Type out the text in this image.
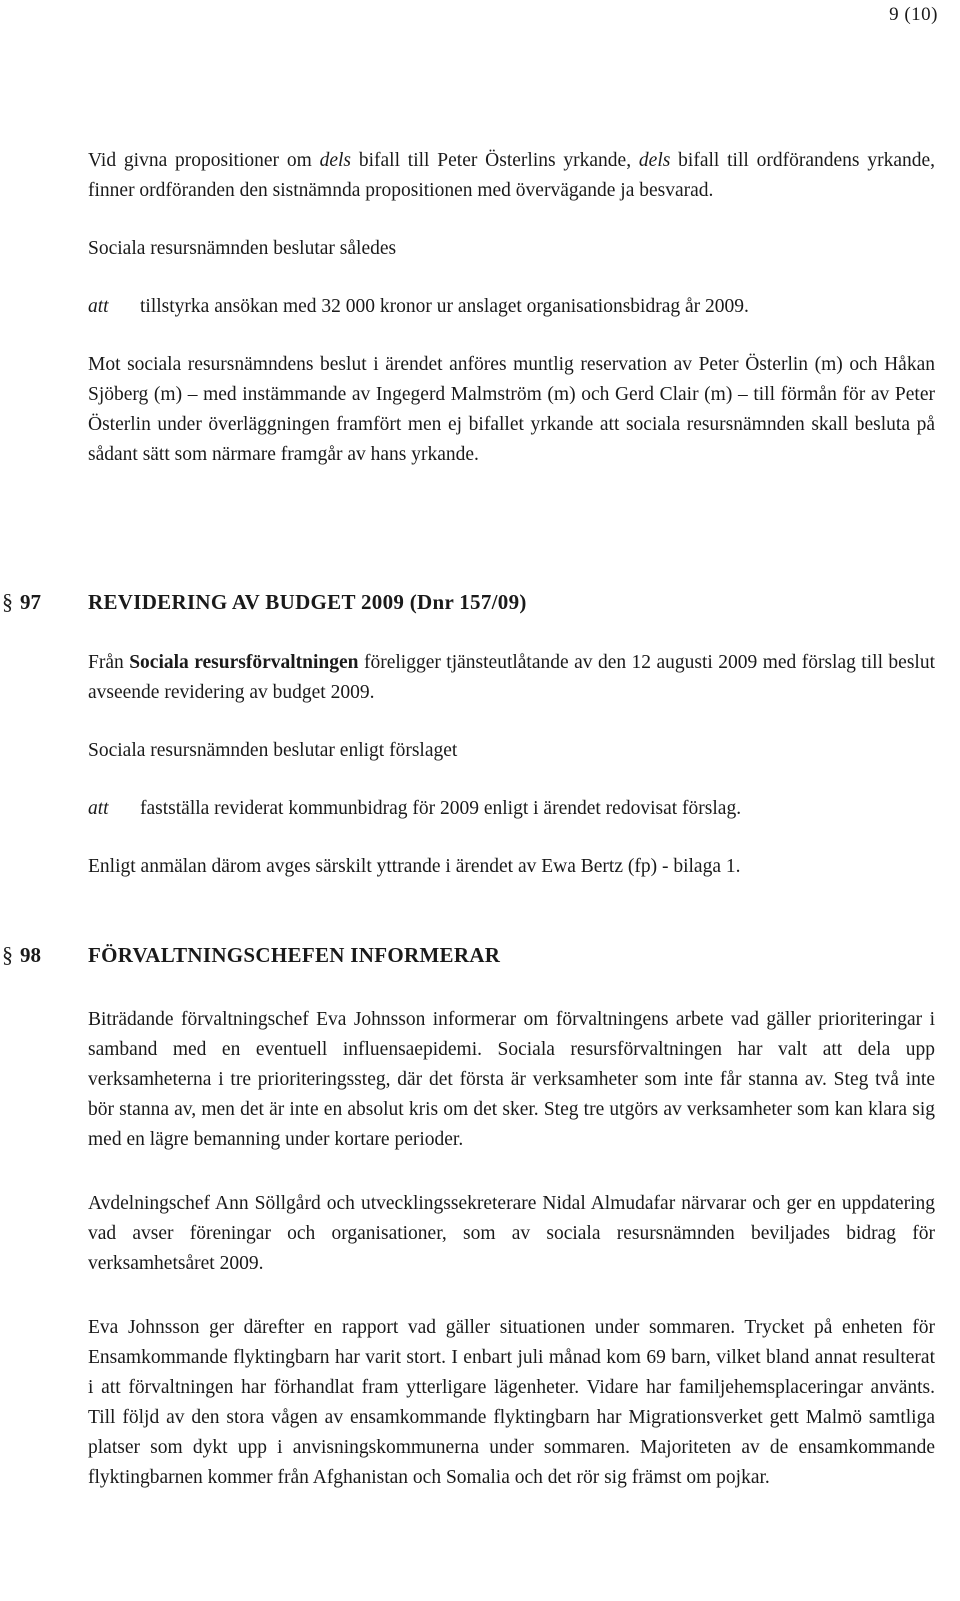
9 (10)

Vid givna propositioner om dels bifall till Peter Österlins yrkande, dels bifall till ordförandens yrkande, finner ordföranden den sistnämnda propositionen med övervägande ja besvarad.

Sociala resursnämnden beslutar således

att	tillstyrka ansökan med 32 000 kronor ur anslaget organisationsbidrag år 2009.

Mot sociala resursnämndens beslut i ärendet anföres muntlig reservation av Peter Österlin (m) och Håkan Sjöberg (m) – med instämmande av Ingegerd Malmström (m) och Gerd Clair (m) – till förmån för av Peter Österlin under överläggningen framfört men ej bifallet yrkande att sociala resursnämnden skall besluta på sådant sätt som närmare framgår av hans yrkande.

§ 97 REVIDERING AV BUDGET 2009 (Dnr 157/09)

Från Sociala resursförvaltningen föreligger tjänsteutlåtande av den 12 augusti 2009 med förslag till beslut avseende revidering av budget 2009.

Sociala resursnämnden beslutar enligt förslaget

att	fastställa reviderat kommunbidrag för 2009 enligt i ärendet redovisat förslag.

Enligt anmälan därom avges särskilt yttrande i ärendet av Ewa Bertz (fp) - bilaga 1.

§ 98 FÖRVALTNINGSCHEFEN INFORMERAR

Biträdande förvaltningschef Eva Johnsson informerar om förvaltningens arbete vad gäller prioriteringar i samband med en eventuell influensaepidemi. Sociala resursförvaltningen har valt att dela upp verksamheterna i tre prioriteringssteg, där det första är verksamheter som inte får stanna av. Steg två inte bör stanna av, men det är inte en absolut kris om det sker. Steg tre utgörs av verksamheter som kan klara sig med en lägre bemanning under kortare perioder.

Avdelningschef Ann Söllgård och utvecklingssekreterare Nidal Almudafar närvarar och ger en uppdatering vad avser föreningar och organisationer, som av sociala resursnämnden beviljades bidrag för verksamhetsåret 2009.

Eva Johnsson ger därefter en rapport vad gäller situationen under sommaren. Trycket på enheten för Ensamkommande flyktingbarn har varit stort. I enbart juli månad kom 69 barn, vilket bland annat resulterat i att förvaltningen har förhandlat fram ytterligare lägenheter. Vidare har familjehemsplaceringar använts. Till följd av den stora vågen av ensamkommande flyktingbarn har Migrationsverket gett Malmö samtliga platser som dykt upp i anvisningskommunerna under sommaren. Majoriteten av de ensamkommande flyktingbarnen kommer från Afghanistan och Somalia och det rör sig främst om pojkar.
